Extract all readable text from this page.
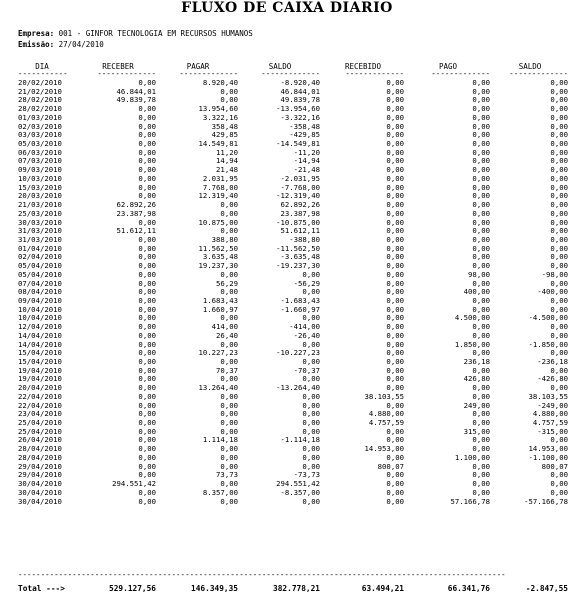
FLUXO DE CAIXA DIARIO
Empresa: 001 - GINFOR TECNOLOGIA EM RECURSOS HUMANOS
Emissão: 27/04/2010
DIA	RECEBER	PAGAR	SALDO	RECEBIDO	PAGO	SALDO
-----------	-------------	-------------	-------------	-------------	-------------	-------------
20/02/2010	0,00	8.920,40	-8.920,40	0,00	0,00	0,00
21/02/2010	46.844,01	0,00	46.844,01	0,00	0,00	0,00
28/02/2010	49.839,78	0,00	49.839,78	0,00	0,00	0,00
28/02/2010	0,00	13.954,60	-13.954,60	0,00	0,00	0,00
01/03/2010	0,00	3.322,16	-3.322,16	0,00	0,00	0,00
02/03/2010	0,00	358,48	-358,48	0,00	0,00	0,00
03/03/2010	0,00	429,85	-429,85	0,00	0,00	0,00
05/03/2010	0,00	14.549,81	-14.549,81	0,00	0,00	0,00
06/03/2010	0,00	11,20	-11,20	0,00	0,00	0,00
07/03/2010	0,00	14,94	-14,94	0,00	0,00	0,00
09/03/2010	0,00	21,48	-21,48	0,00	0,00	0,00
10/03/2010	0,00	2.031,95	-2.031,95	0,00	0,00	0,00
15/03/2010	0,00	7.768,00	-7.768,00	0,00	0,00	0,00
20/03/2010	0,00	12.319,40	-12.319,40	0,00	0,00	0,00
21/03/2010	62.892,26	0,00	62.892,26	0,00	0,00	0,00
25/03/2010	23.387,98	0,00	23.387,98	0,00	0,00	0,00
30/03/2010	0,00	10.875,00	-10.875,00	0,00	0,00	0,00
31/03/2010	51.612,11	0,00	51.612,11	0,00	0,00	0,00
31/03/2010	0,00	388,80	-388,80	0,00	0,00	0,00
01/04/2010	0,00	11.562,50	-11.562,50	0,00	0,00	0,00
02/04/2010	0,00	3.635,48	-3.635,48	0,00	0,00	0,00
05/04/2010	0,00	19.237,30	-19.237,30	0,00	0,00	0,00
05/04/2010	0,00	0,00	0,00	0,00	98,00	-98,00
07/04/2010	0,00	56,29	-56,29	0,00	0,00	0,00
08/04/2010	0,00	0,00	0,00	0,00	400,00	-400,00
09/04/2010	0,00	1.683,43	-1.683,43	0,00	0,00	0,00
10/04/2010	0,00	1.660,97	-1.660,97	0,00	0,00	0,00
10/04/2010	0,00	0,00	0,00	0,00	4.500,00	-4.500,00
12/04/2010	0,00	414,00	-414,00	0,00	0,00	0,00
14/04/2010	0,00	26,40	-26,40	0,00	0,00	0,00
14/04/2010	0,00	0,00	0,00	0,00	1.850,00	-1.850,00
15/04/2010	0,00	10.227,23	-10.227,23	0,00	0,00	0,00
15/04/2010	0,00	0,00	0,00	0,00	236,18	-236,18
19/04/2010	0,00	70,37	-70,37	0,00	0,00	0,00
19/04/2010	0,00	0,00	0,00	0,00	426,80	-426,80
20/04/2010	0,00	13.264,40	-13.264,40	0,00	0,00	0,00
22/04/2010	0,00	0,00	0,00	38.103,55	0,00	38.103,55
22/04/2010	0,00	0,00	0,00	0,00	249,00	-249,00
23/04/2010	0,00	0,00	0,00	4.880,00	0,00	4.880,00
25/04/2010	0,00	0,00	0,00	4.757,59	0,00	4.757,59
25/04/2010	0,00	0,00	0,00	0,00	315,00	-315,00
26/04/2010	0,00	1.114,18	-1.114,18	0,00	0,00	0,00
28/04/2010	0,00	0,00	0,00	14.953,00	0,00	14.953,00
28/04/2010	0,00	0,00	0,00	0,00	1.100,00	-1.100,00
29/04/2010	0,00	0,00	0,00	800,07	0,00	800,07
29/04/2010	0,00	73,73	-73,73	0,00	0,00	0,00
30/04/2010	294.551,42	0,00	294.551,42	0,00	0,00	0,00
30/04/2010	0,00	8.357,00	-8.357,00	0,00	0,00	0,00
30/04/2010	0,00	0,00	0,00	0,00	57.166,78	-57.166,78
------------------------------------------------------------------------------------------------------------
Total --->	529.127,56	146.349,35	382.778,21	63.494,21	66.341,76	-2.847,55
